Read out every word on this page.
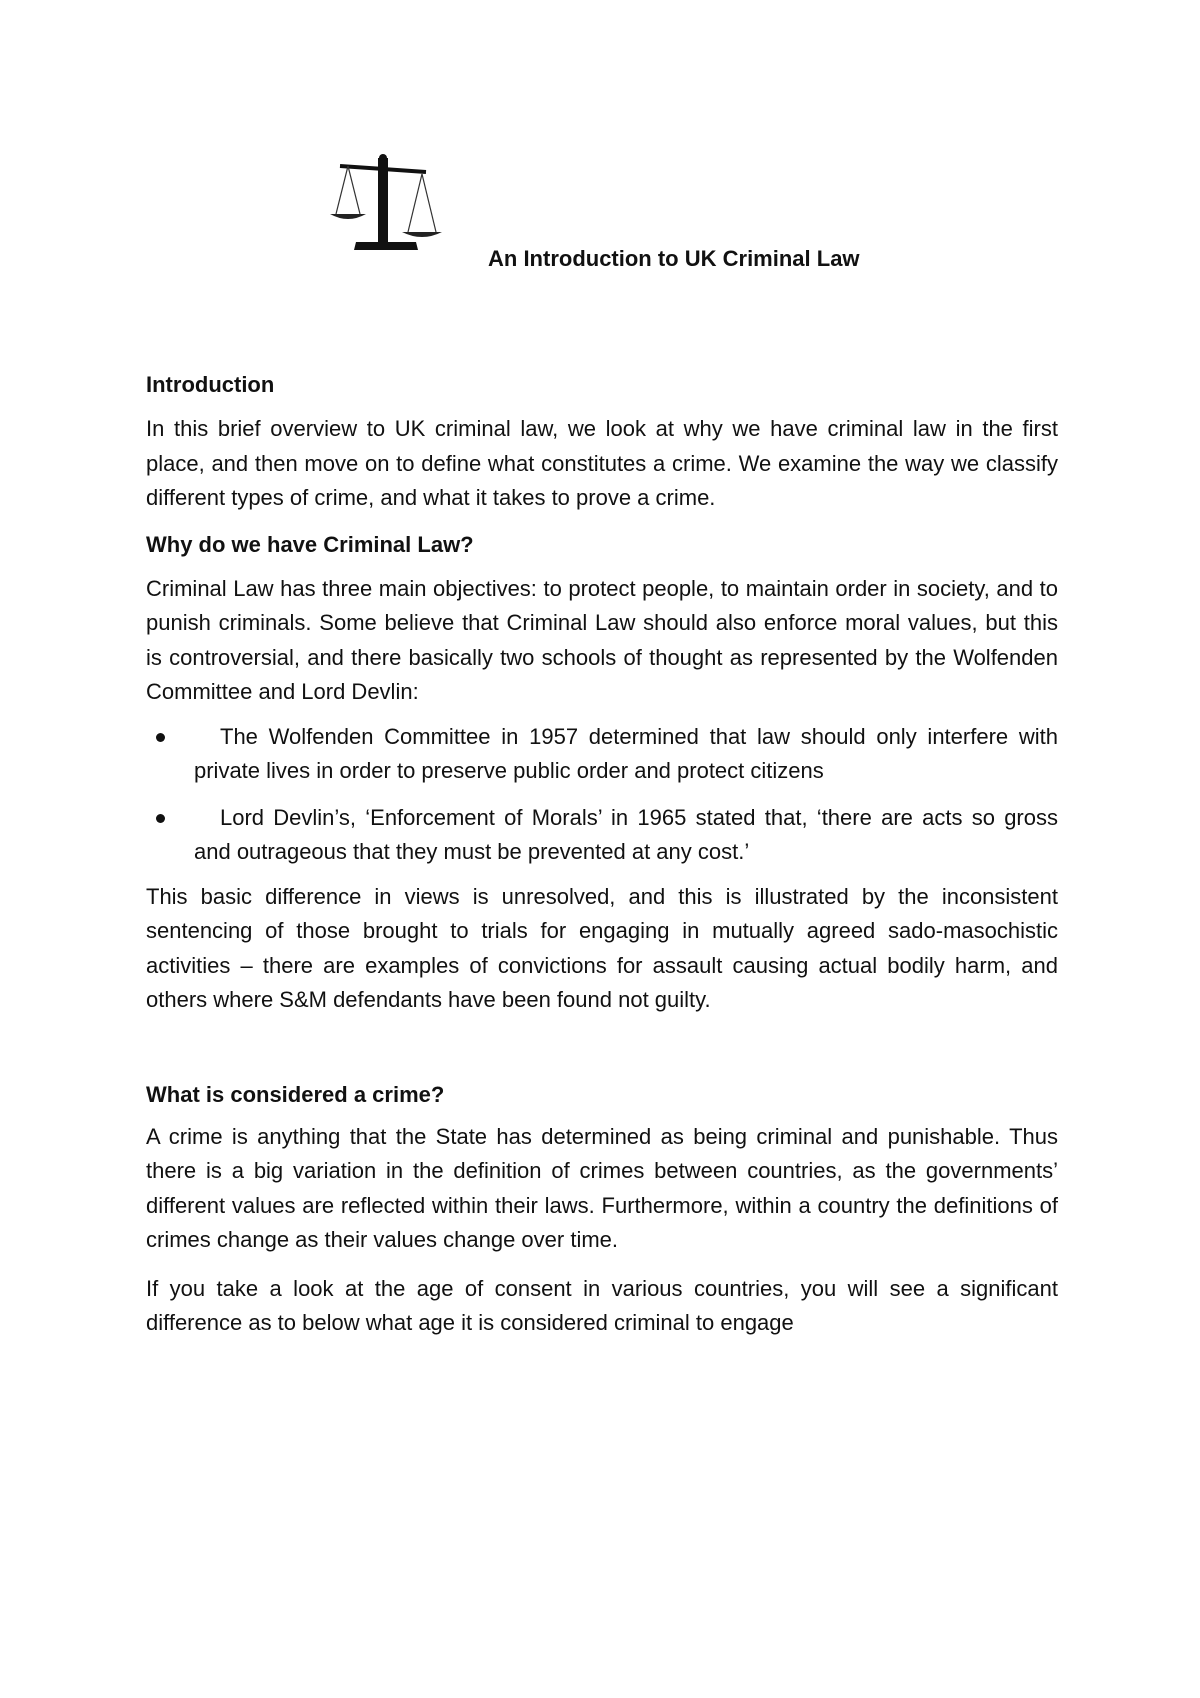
An Introduction to UK Criminal Law
Introduction

In this brief overview to UK criminal law, we look at why we have criminal law in the first place, and then move on to define what constitutes a crime. We examine the way we classify different types of crime, and what it takes to prove a crime.

Why do we have Criminal Law?

Criminal Law has three main objectives: to protect people, to maintain order in society, and to punish criminals. Some believe that Criminal Law should also enforce moral values, but this is controversial, and there basically two schools of thought as represented by the Wolfenden Committee and Lord Devlin:

The Wolfenden Committee in 1957 determined that law should only interfere with private lives in order to preserve public order and protect citizens

Lord Devlin’s, ‘Enforcement of Morals’ in 1965 stated that, ‘there are acts so gross and outrageous that they must be prevented at any cost.’

This basic difference in views is unresolved, and this is illustrated by the inconsistent sentencing of those brought to trials for engaging in mutually agreed sado-masochistic activities – there are examples of convictions for assault causing actual bodily harm, and others where S&M defendants have been found not guilty.

What is considered a crime?

A crime is anything that the State has determined as being criminal and punishable. Thus there is a big variation in the definition of crimes between countries, as the governments’ different values are reflected within their laws. Furthermore, within a country the definitions of crimes change as their values change over time.

If you take a look at the age of consent in various countries, you will see a significant difference as to below what age it is considered criminal to engage
